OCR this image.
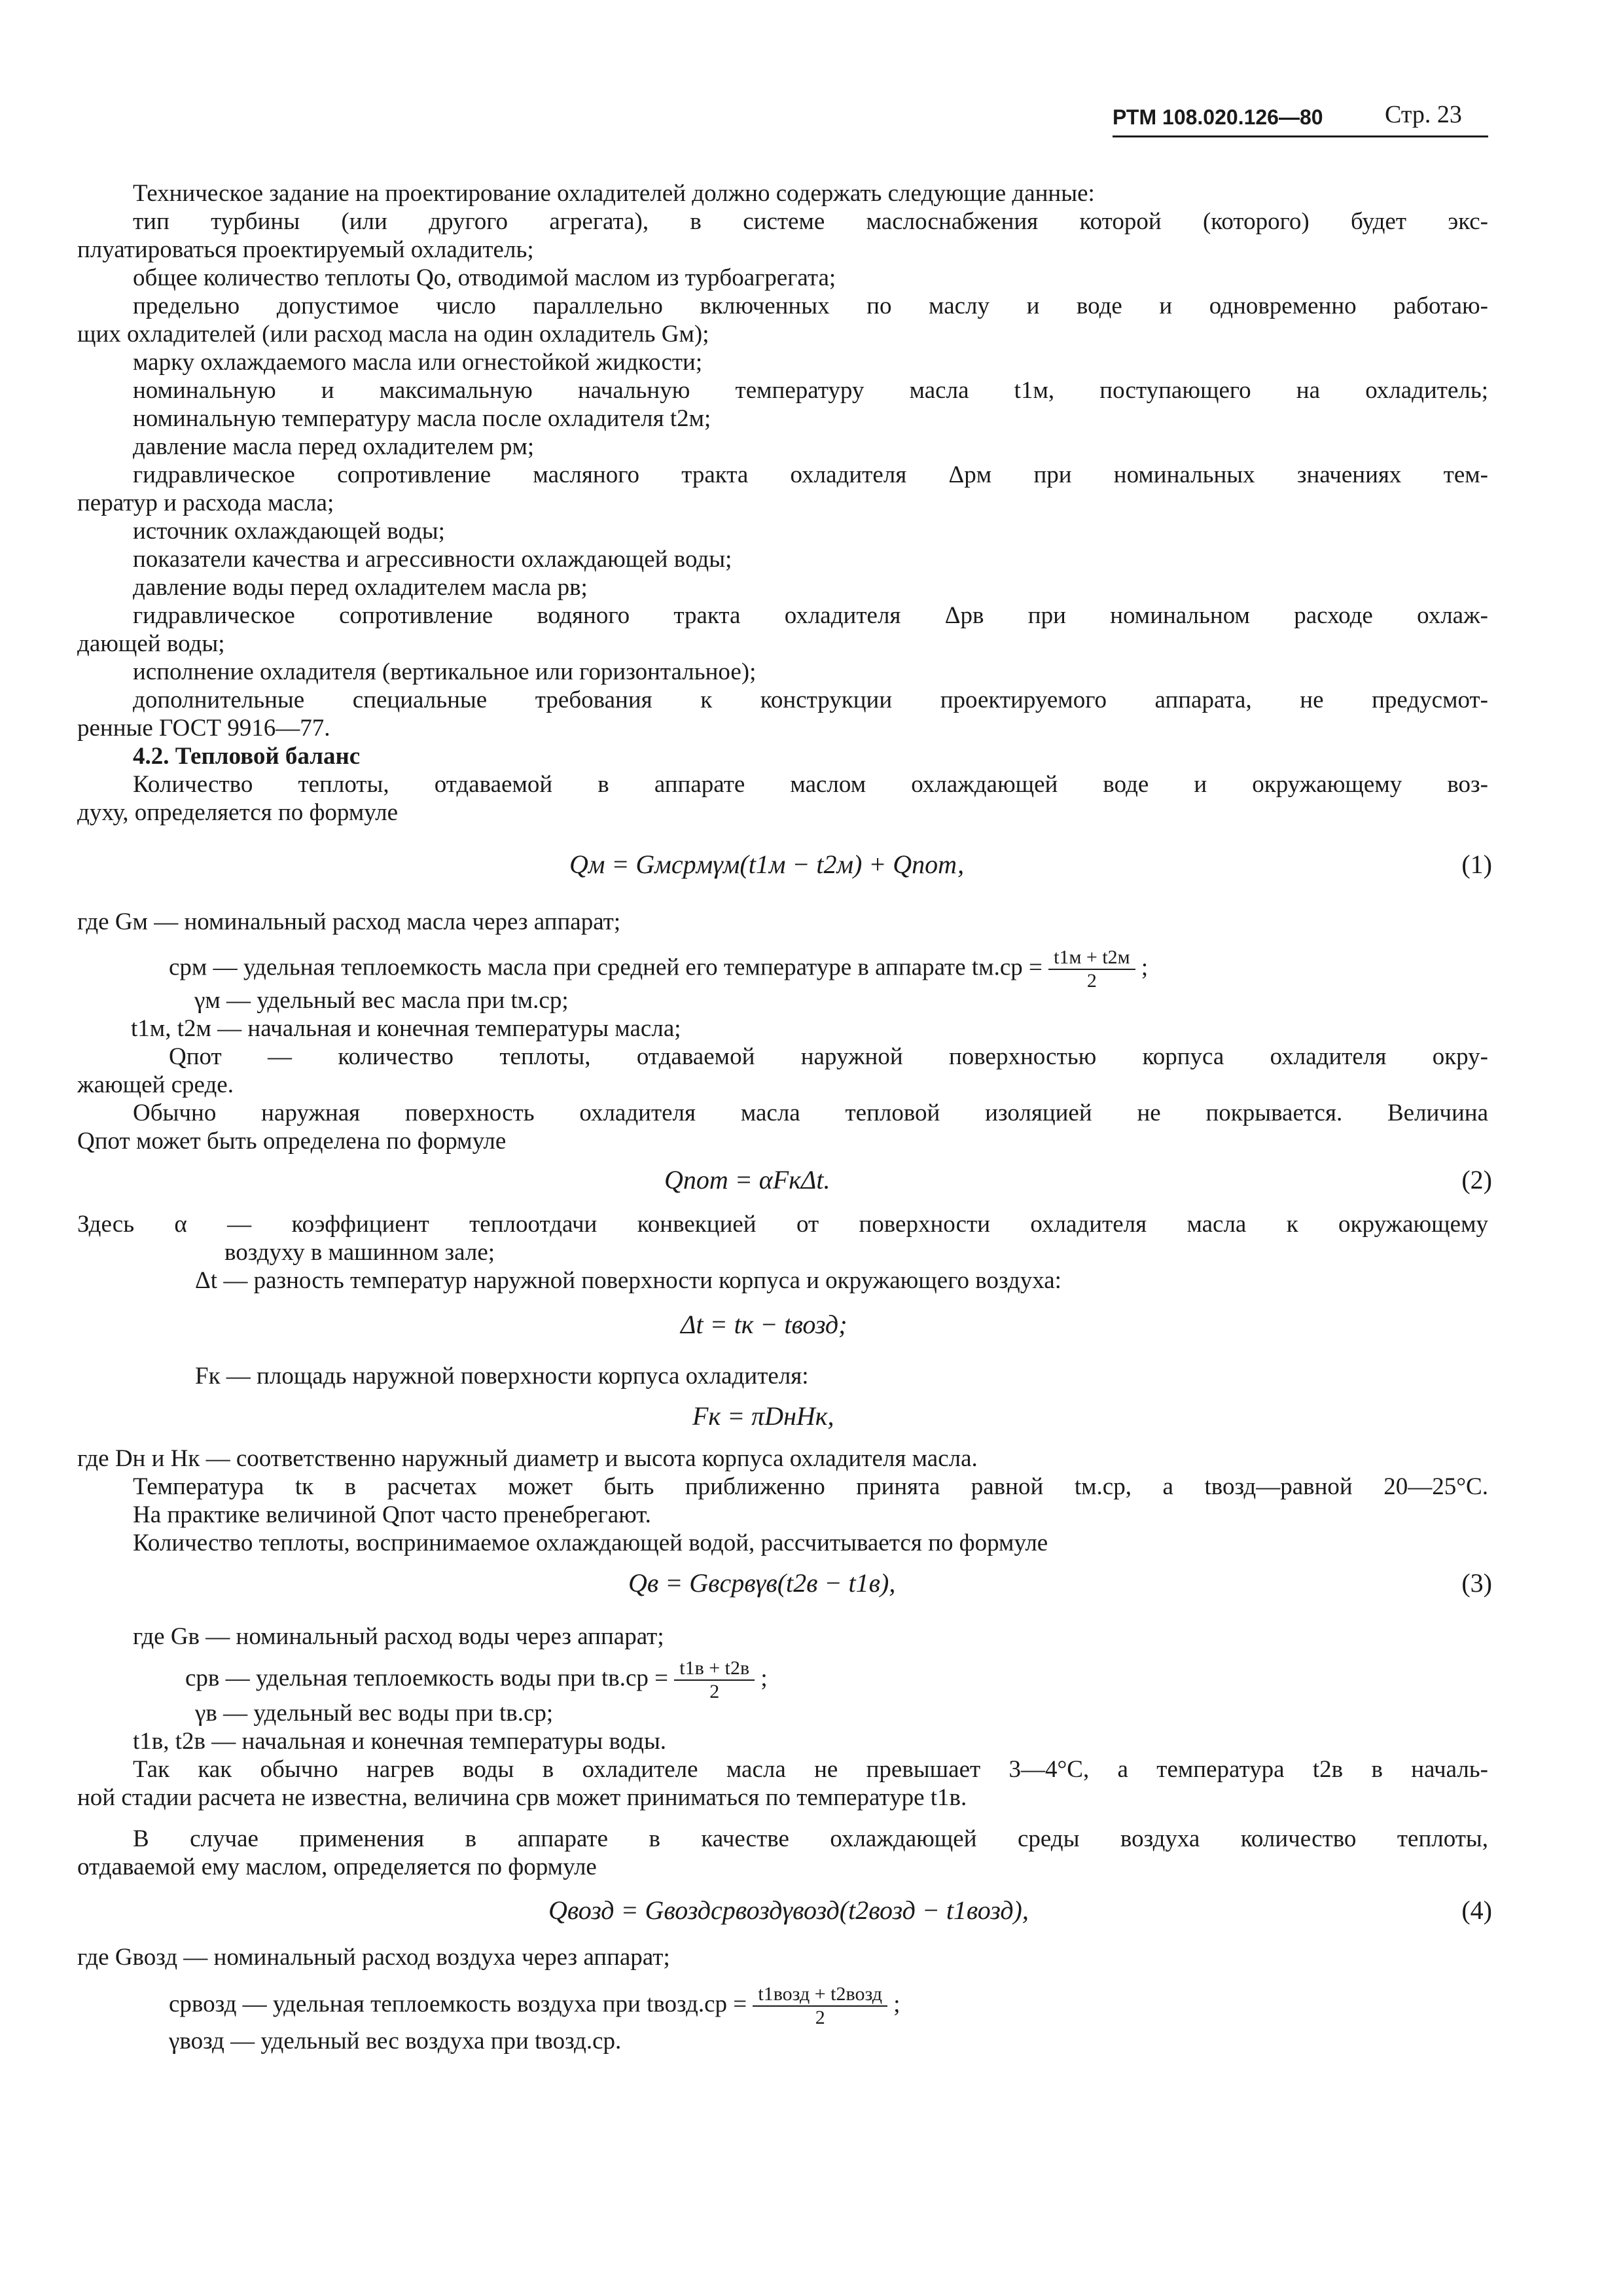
РТМ 108.020.126—80 Стр. 23
Техническое задание на проектирование охладителей должно содержать следующие данные:
тип турбины (или другого агрегата), в системе маслоснабжения которой (которого) будет экс-
плуатироваться проектируемый охладитель;
общее количество теплоты Qо, отводимой маслом из турбоагрегата;
предельно допустимое число параллельно включенных по маслу и воде и одновременно работаю-
щих охладителей (или расход масла на один охладитель Gм);
марку охлаждаемого масла или огнестойкой жидкости;
номинальную и максимальную начальную температуру масла t1м, поступающего на охладитель;
номинальную температуру масла после охладителя t2м;
давление масла перед охладителем pм;
гидравлическое сопротивление масляного тракта охладителя Δpм при номинальных значениях тем-
ператур и расхода масла;
источник охлаждающей воды;
показатели качества и агрессивности охлаждающей воды;
давление воды перед охладителем масла pв;
гидравлическое сопротивление водяного тракта охладителя Δpв при номинальном расходе охлаж-
дающей воды;
исполнение охладителя (вертикальное или горизонтальное);
дополнительные специальные требования к конструкции проектируемого аппарата, не предусмот-
ренные ГОСТ 9916—77.
4.2. Тепловой баланс
Количество теплоты, отдаваемой в аппарате маслом охлаждающей воде и окружающему воз-
духу, определяется по формуле
Qм = Gмcpмγм(t1м − t2м) + Qпот,	(1)
где Gм — номинальный расход масла через аппарат;
cpм — удельная теплоемкость масла при средней его температуре в аппарате $tм.ср = \frac{t1м + t2м}{2}$ ;
γм — удельный вес масла при tм.ср;
t1м, t2м — начальная и конечная температуры масла;
Qпот — количество теплоты, отдаваемой наружной поверхностью корпуса охладителя окру-
жающей среде.
Обычно наружная поверхность охладителя масла тепловой изоляцией не покрывается. Величина
Qпот может быть определена по формуле
Qпот = αFкΔt.	(2)
Здесь α — коэффициент теплоотдачи конвекцией от поверхности охладителя масла к окружающему
воздуху в машинном зале;
Δt — разность температур наружной поверхности корпуса и окружающего воздуха:
Δt = tк − tвозд;
Fк — площадь наружной поверхности корпуса охладителя:
Fк = πDнHк,
где Dн и Hк — соответственно наружный диаметр и высота корпуса охладителя масла.
Температура tк в расчетах может быть приближенно принята равной tм.ср, а tвозд—равной 20—25°С.
На практике величиной Qпот часто пренебрегают.
Количество теплоты, воспринимаемое охлаждающей водой, рассчитывается по формуле
Qв = Gвcpвγв(t2в − t1в),	(3)
где Gв — номинальный расход воды через аппарат;
cpв — удельная теплоемкость воды при $tв.ср = \frac{t1в + t2в}{2}$ ;
γв — удельный вес воды при tв.ср;
t1в, t2в — начальная и конечная температуры воды.
Так как обычно нагрев воды в охладителе масла не превышает 3—4°С, а температура t2в в началь-
ной стадии расчета не известна, величина cpв может приниматься по температуре t1в.
В случае применения в аппарате в качестве охлаждающей среды воздуха количество теплоты,
отдаваемой ему маслом, определяется по формуле
Qвозд = Gвоздcpвоздγвозд(t2возд − t1возд),	(4)
где Gвозд — номинальный расход воздуха через аппарат;
cpвозд — удельная теплоемкость воздуха при tвозд.ср = $\frac{\text{t1возд + t2возд}}{2}$ ;
γвозд — удельный вес воздуха при tвозд.ср.
